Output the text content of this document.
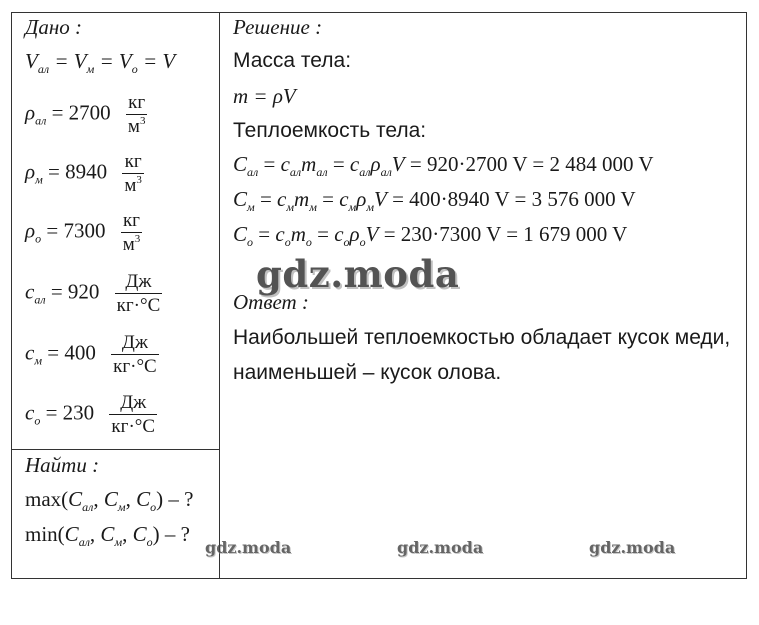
Дано :
$V_{ал} = V_м = V_о = V$
$\rho_{ал} = 2700 \frac{кг}{м^3}$
$\rho_м = 8940 \frac{кг}{м^3}$
$\rho_о = 7300 \frac{кг}{м^3}$
$c_{ал} = 920 \frac{Дж}{кг\cdot^\circ C}$
$c_м = 400 \frac{Дж}{кг\cdot^\circ C}$
$c_о = 230 \frac{Дж}{кг\cdot^\circ C}$
Найти :
$\max(C_{ал}$, $C_м$, $C_о$) – ?
$\min(C_{ал}$, $C_м$, $C_о$) – ?
Решение :
Масса тела:
m = ρV
Теплоемкость тела:
$C_{ал} = c_{ал}m_{ал} = c_{ал}\rho_{ал}V = 920\cdot 2700$ V = 2 484 000 V
$C_м = c_мm_м = c_м\rho_мV = 400\cdot 8940$ V = 3 576 000 V
$C_о = c_оm_о = c_о\rho_оV = 230\cdot 7300$ V = 1 679 000 V
Ответ :
Наибольшей теплоемкостью обладает кусок меди,
наименьшей – кусок олова.
gdz.moda
gdz.moda	gdz.moda	gdz.moda
